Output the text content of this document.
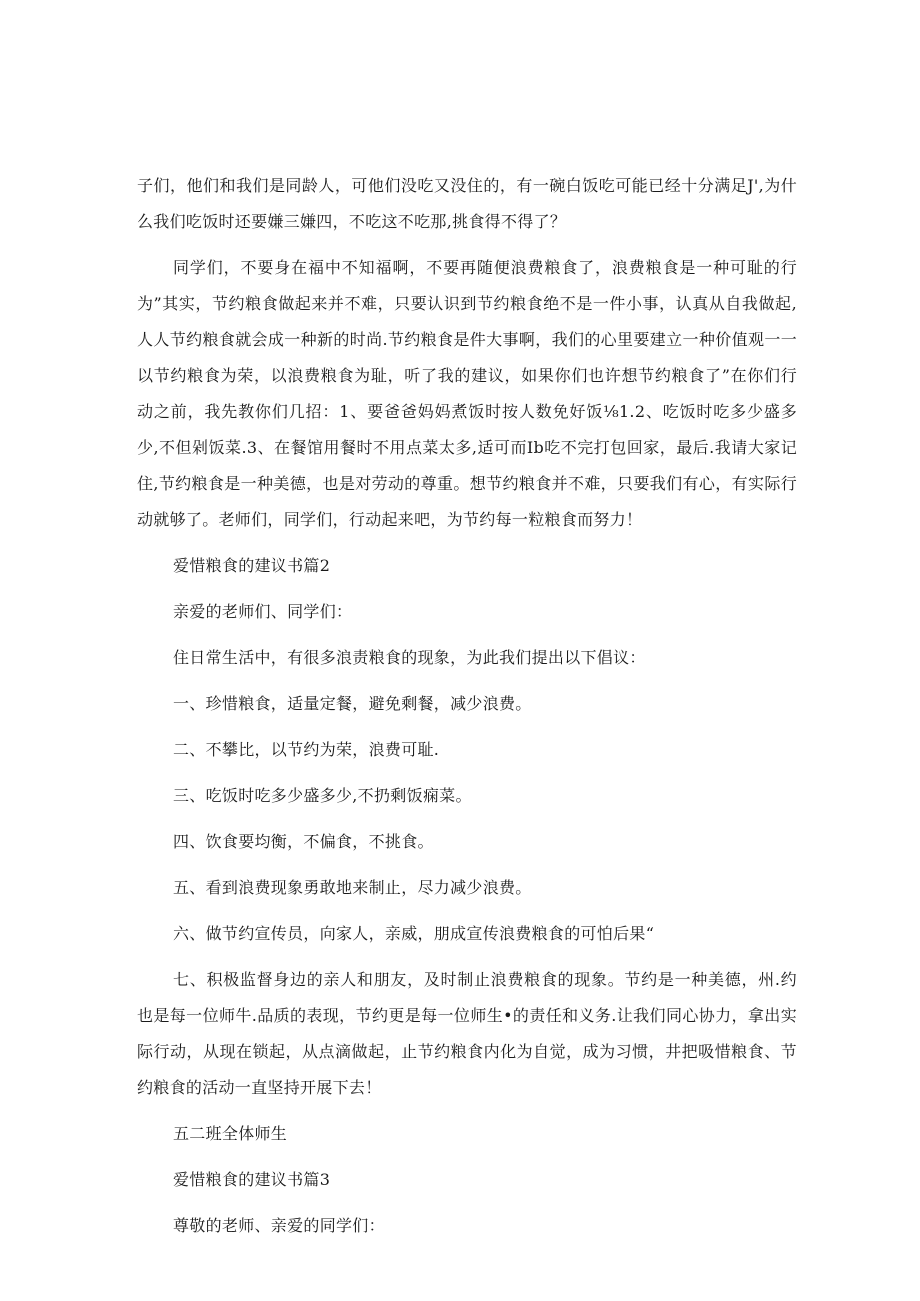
子们，他们和我们是同龄人，可他们没吃又没住的，有一碗白饭吃可能已经十分满足J',为什么我们吃饭时还要嫌三嫌四，不吃这不吃那,挑食得不得了？

同学们，不要身在福中不知福啊，不要再随便浪费粮食了，浪费粮食是一种可耻的行为”其实，节约粮食做起来并不难，只要认识到节约粮食绝不是一件小事，认真从自我做起,人人节约粮食就会成一种新的时尚.节约粮食是件大事啊，我们的心里要建立一种价值观一一以节约粮食为荣，以浪费粮食为耻，听了我的建议，如果你们也许想节约粮食了”在你们行动之前，我先教你们几招：1、要爸爸妈妈煮饭时按人数免好饭⅛1.2、吃饭时吃多少盛多少,不但剁饭菜.3、在餐馆用餐时不用点菜太多,适可而Ib吃不完打包回家，最后.我请大家记住,节约粮食是一种美德，也是对劳动的尊重。想节约粮食并不难，只要我们有心，有实际行动就够了。老师们，同学们，行动起来吧，为节约每一粒粮食而努力！

爱惜粮食的建议书篇2

亲爱的老师们、同学们：

住日常生活中，有很多浪责粮食的现象，为此我们提出以下倡议：

一、珍惜粮食，适量定餐，避免剩餐，减少浪费。

二、不攀比，以节约为荣，浪费可耻.

三、吃饭时吃多少盛多少,不扔剩饭痫菜。

四、饮食要均衡，不偏食，不挑食。

五、看到浪费现象勇敢地来制止，尽力减少浪费。

六、做节约宣传员，向家人，亲威，朋成宣传浪费粮食的可怕后果“

七、积极监督身边的亲人和朋友，及时制止浪费粮食的现象。节约是一种美德，州.约也是每一位师牛.品质的表现，节约更是每一位师生•的责任和义务.让我们同心协力，拿出实际行动，从现在锁起，从点滴做起，止节约粮食内化为自觉，成为习惯，井把吸惜粮食、节约粮食的活动一直坚持开展下去！

五二班全体师生

爱惜粮食的建议书篇3

尊敬的老师、亲爱的同学们：
